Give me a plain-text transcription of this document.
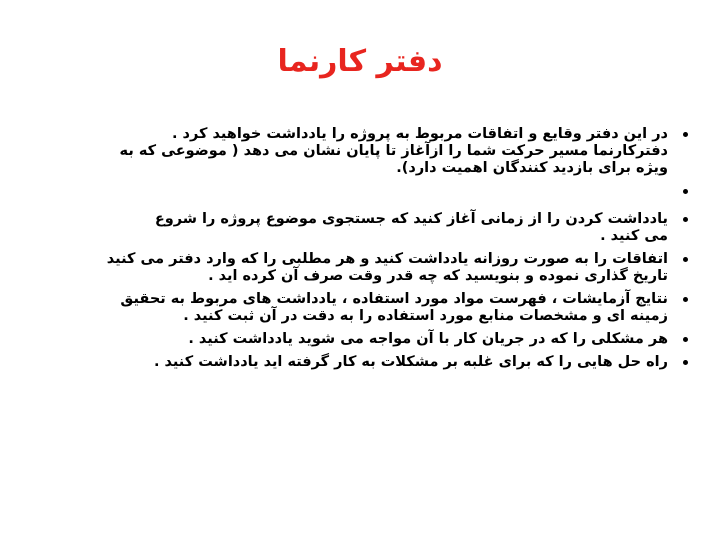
دفتر کارنما
در این دفتر وقایع و اتفاقات مربوط به پروژه را یادداشت خواهید کرد .
دفترکارنما مسیر حرکت شما را ازآغاز تا پایان نشان می دهد ( موضوعی که به
ویژه برای بازدید کنندگان اهمیت دارد).
یادداشت کردن را از زمانی آغاز کنید که جستجوی موضوع پروژه را شروع
می کنید .
اتفاقات را به صورت روزانه یادداشت کنید و هر مطلبی را که وارد دفتر می کنید
تاریخ گذاری نموده و بنویسید که چه قدر وقت صرف آن کرده اید .
نتایج آزمایشات ، فهرست مواد مورد استفاده ، یادداشت های مربوط به تحقیق
زمینه ای و مشخصات منابع مورد استفاده را به دقت در آن ثبت کنید .
هر مشکلی را که در جریان کار با آن مواجه می شوید یادداشت کنید .
راه حل هایی را که برای غلبه بر مشکلات به کار گرفته اید یادداشت کنید .
